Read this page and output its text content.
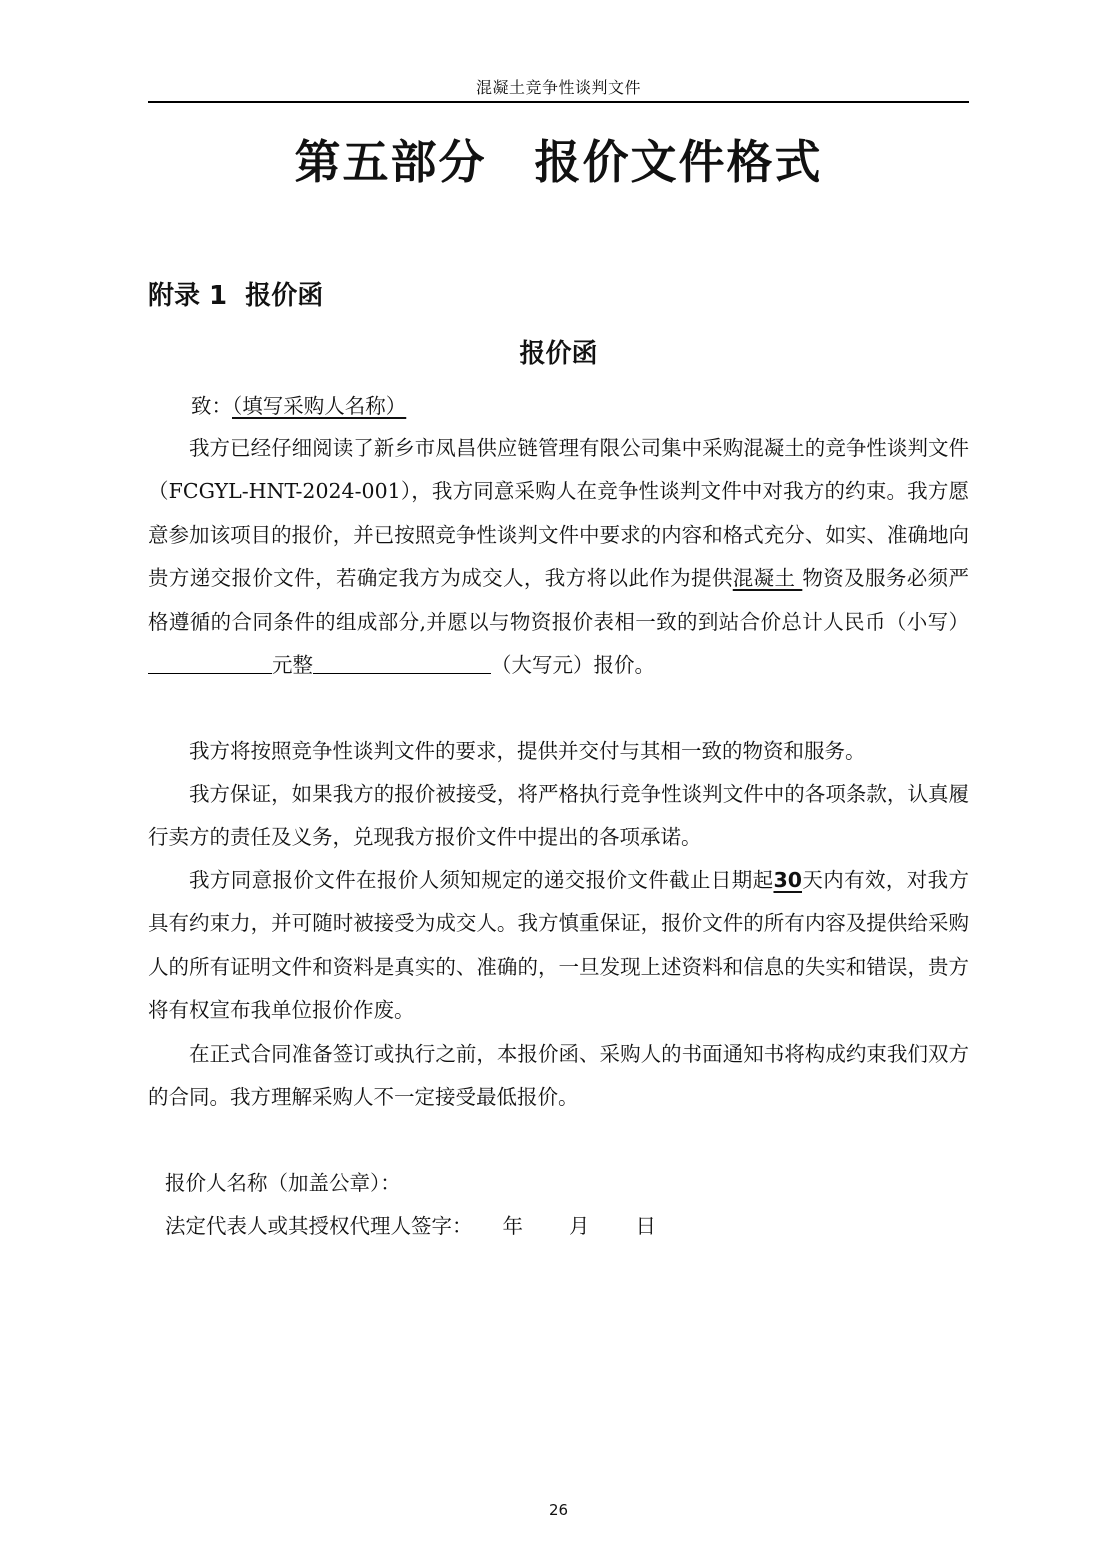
混凝土竞争性谈判文件
第五部分　报价文件格式
附录 1  报价函
报价函
致：（填写采购人名称）
我方已经仔细阅读了新乡市凤昌供应链管理有限公司集中采购混凝土的竞争性谈判文件（FCGYL-HNT-2024-001），我方同意采购人在竞争性谈判文件中对我方的约束。我方愿意参加该项目的报价，并已按照竞争性谈判文件中要求的内容和格式充分、如实、准确地向贵方递交报价文件，若确定我方为成交人，我方将以此作为提供混凝土 物资及服务必须严格遵循的合同条件的组成部分,并愿以与物资报价表相一致的到站合价总计人民币（小写）元整	（大写元）报价。
我方将按照竞争性谈判文件的要求，提供并交付与其相一致的物资和服务。
我方保证，如果我方的报价被接受，将严格执行竞争性谈判文件中的各项条款，认真履行卖方的责任及义务，兑现我方报价文件中提出的各项承诺。
我方同意报价文件在报价人须知规定的递交报价文件截止日期起30天内有效，对我方具有约束力，并可随时被接受为成交人。我方慎重保证，报价文件的所有内容及提供给采购人的所有证明文件和资料是真实的、准确的，一旦发现上述资料和信息的失实和错误，贵方将有权宣布我单位报价作废。
在正式合同准备签订或执行之前，本报价函、采购人的书面通知书将构成约束我们双方的合同。我方理解采购人不一定接受最低报价。
报价人名称（加盖公章）：
法定代表人或其授权代理人签字： 年 月 日
26
